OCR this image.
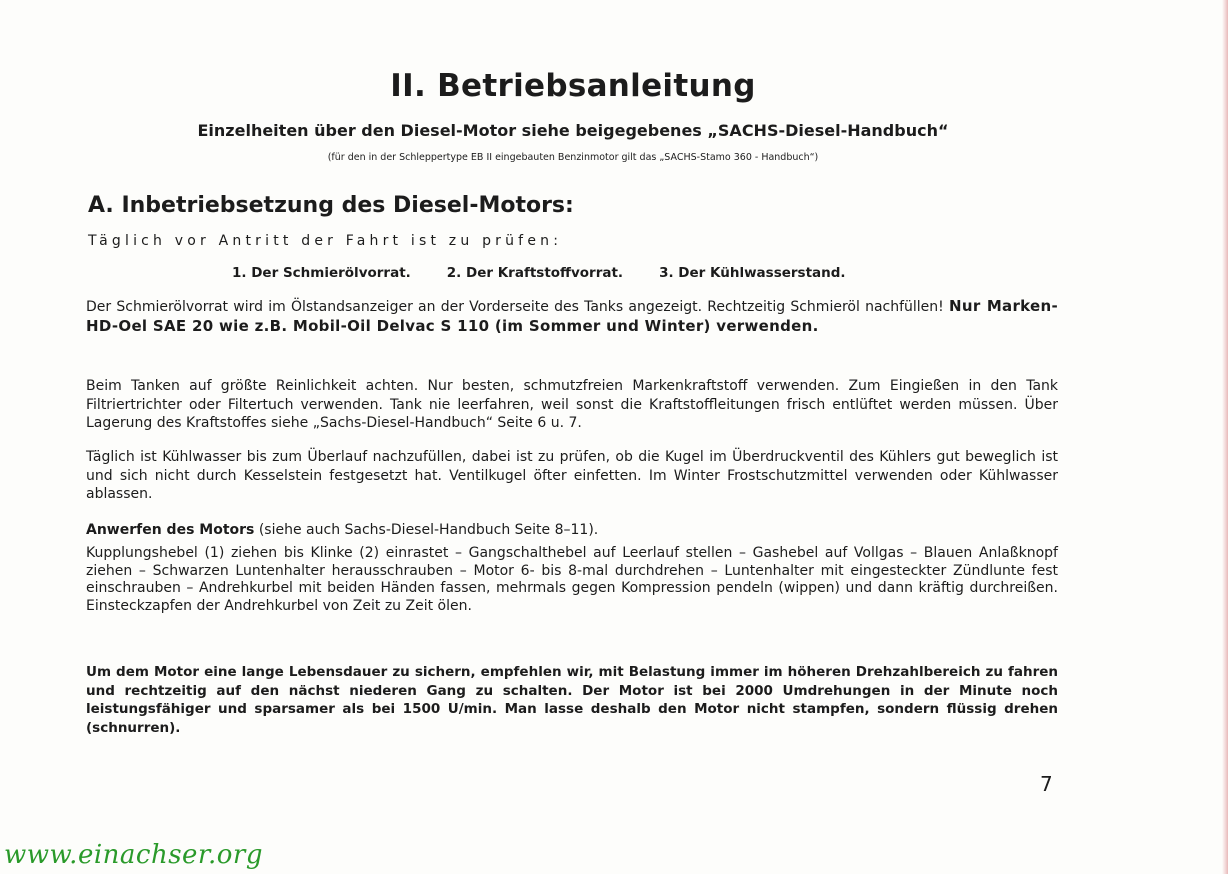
II. Betriebsanleitung
Einzelheiten über den Diesel-Motor siehe beigegebenes „SACHS-Diesel-Handbuch“
(für den in der Schleppertype EB II eingebauten Benzinmotor gilt das „SACHS-Stamo 360 - Handbuch“)
A. Inbetriebsetzung des Diesel-Motors:
Täglich vor Antritt der Fahrt ist zu prüfen:
1. Der Schmierölvorrat.	2. Der Kraftstoffvorrat.	3. Der Kühlwasserstand.

Der Schmierölvorrat wird im Ölstandsanzeiger an der Vorderseite des Tanks angezeigt. Rechtzeitig Schmieröl nachfüllen! Nur Marken-HD-Oel SAE 20 wie z.B. Mobil-Oil Delvac S 110 (im Sommer und Winter) verwenden.

Beim Tanken auf größte Reinlichkeit achten. Nur besten, schmutzfreien Markenkraftstoff verwenden. Zum Eingießen in den Tank Filtriertrichter oder Filtertuch verwenden. Tank nie leerfahren, weil sonst die Kraftstoffleitungen frisch entlüftet werden müssen. Über Lagerung des Kraftstoffes siehe „Sachs-Diesel-Handbuch“ Seite 6 u. 7.

Täglich ist Kühlwasser bis zum Überlauf nachzufüllen, dabei ist zu prüfen, ob die Kugel im Überdruckventil des Kühlers gut beweglich ist und sich nicht durch Kesselstein festgesetzt hat. Ventilkugel öfter einfetten. Im Winter Frostschutzmittel verwenden oder Kühlwasser ablassen.

Anwerfen des Motors (siehe auch Sachs-Diesel-Handbuch Seite 8–11).

Kupplungshebel (1) ziehen bis Klinke (2) einrastet – Gangschalthebel auf Leerlauf stellen – Gashebel auf Vollgas – Blauen Anlaßknopf ziehen – Schwarzen Luntenhalter herausschrauben – Motor 6- bis 8-mal durchdrehen – Luntenhalter mit eingesteckter Zündlunte fest einschrauben – Andrehkurbel mit beiden Händen fassen, mehrmals gegen Kompression pendeln (wippen) und dann kräftig durchreißen. Einsteckzapfen der Andrehkurbel von Zeit zu Zeit ölen.

Um dem Motor eine lange Lebensdauer zu sichern, empfehlen wir, mit Belastung immer im höheren Drehzahlbereich zu fahren und rechtzeitig auf den nächst niederen Gang zu schalten. Der Motor ist bei 2000 Umdrehungen in der Minute noch leistungsfähiger und sparsamer als bei 1500 U/min. Man lasse deshalb den Motor nicht stampfen, sondern flüssig drehen (schnurren).

7
www.einachser.org
